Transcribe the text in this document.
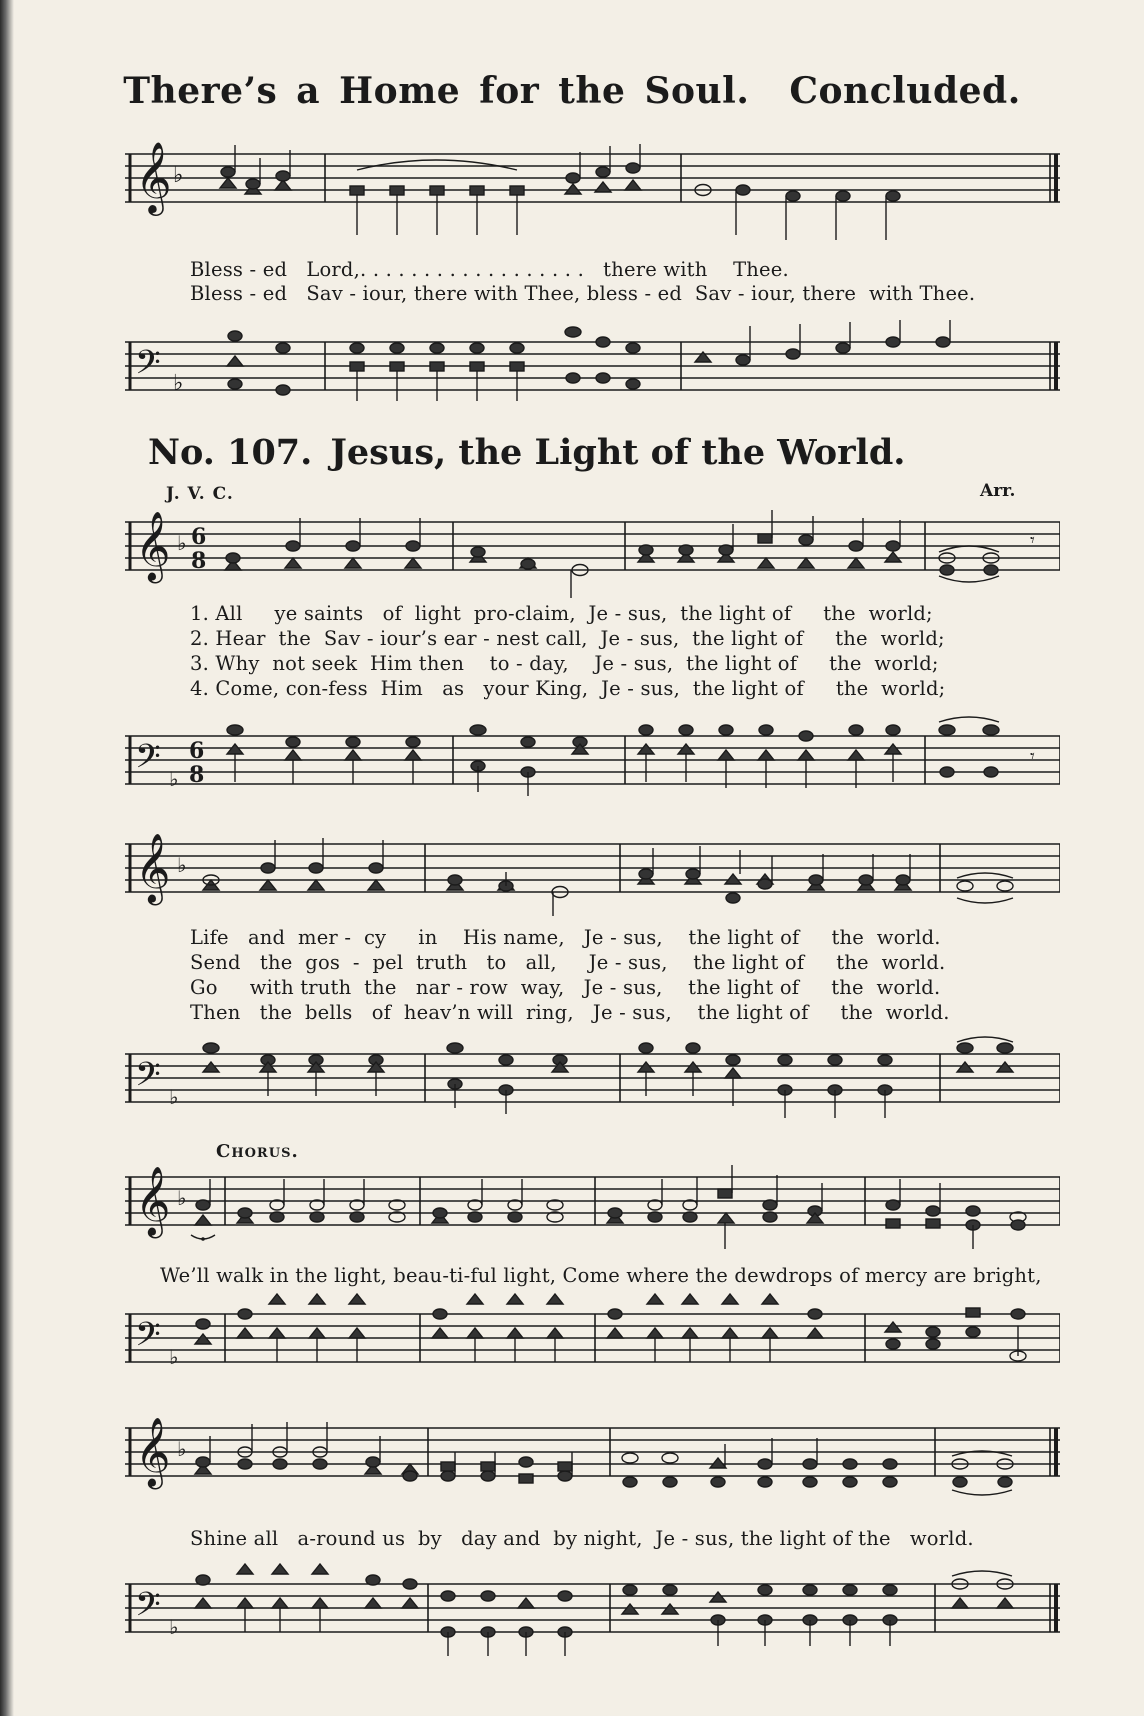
There’s a Home for the Soul. Concluded.
𝄞 ♭
Bless - ed   Lord,. . . . . . . . . . . . . . . . . .   there with    Thee.
Bless - ed   Sav - iour, there with Thee, bless - ed  Sav - iour, there  with Thee.
𝄢 ♭
No. 107. Jesus, the Light of the World.
J. V. C.	Arr.
𝄞 ♭ 6
8
𝄾
1. All     ye saints   of  light  pro-claim,  Je - sus,  the light of     the  world;
2. Hear  the  Sav - iour’s ear - nest call,  Je - sus,  the light of     the  world;
3. Why  not seek  Him then    to - day,    Je - sus,  the light of     the  world;
4. Come, con-fess  Him   as   your King,  Je - sus,  the light of     the  world;
𝄢 ♭
6
8
𝄾
𝄞 ♭
Life   and  mer -  cy     in    His name,   Je - sus,    the light of     the  world.
Send   the  gos  -  pel  truth   to   all,     Je - sus,    the light of     the  world.
Go     with truth  the   nar - row  way,   Je - sus,    the light of     the  world.
Then   the  bells   of  heav’n will  ring,   Je - sus,    the light of     the  world.
𝄢 ♭
Chorus.
𝄞 ♭
We’ll walk in the light, beau-ti-ful light, Come where the dewdrops of mercy are bright,
𝄢 ♭
𝄞 ♭
Shine all   a-round us  by   day and  by night,  Je - sus, the light of the   world.
𝄢 ♭
